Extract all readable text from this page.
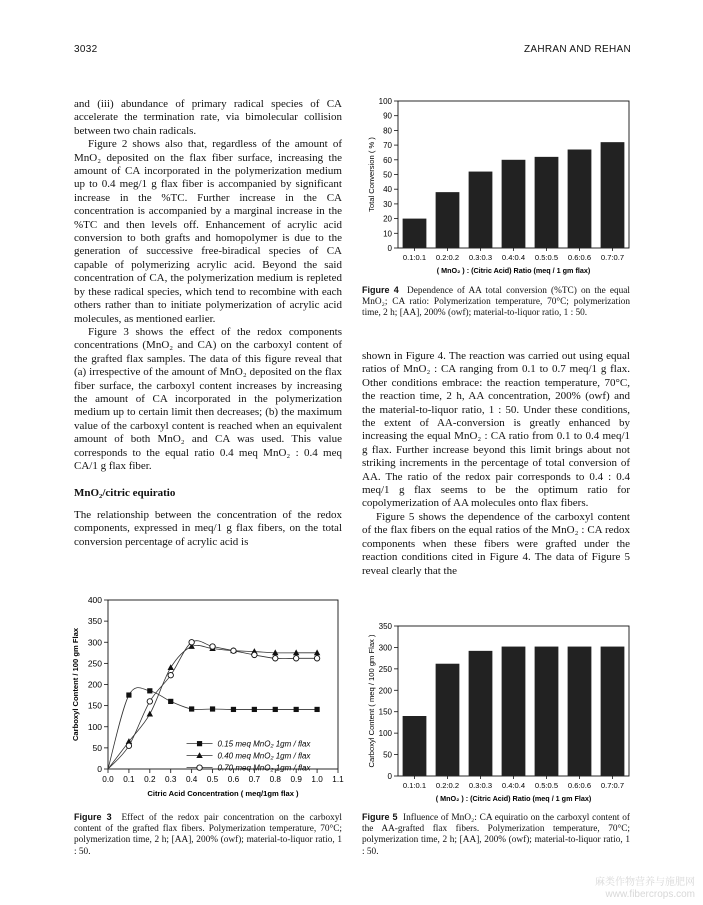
3032	ZAHRAN AND REHAN

and (iii) abundance of primary radical species of CA accelerate the termination rate, via bimolecular collision between two chain radicals.

Figure 2 shows also that, regardless of the amount of MnO₂ deposited on the flax fiber surface, increasing the amount of CA incorporated in the polymerization medium up to 0.4 meg/1 g flax fiber is accompanied by significant increase in the %TC. Further increase in the CA concentration is accompanied by a marginal increase in the %TC and then levels off. Enhancement of acrylic acid conversion to both grafts and homopolymer is due to the generation of successive free-biradical species of CA capable of polymerizing acrylic acid. Beyond the said concentration of CA, the polymerization medium is repleted by these radical species, which tend to recombine with each others rather than to initiate polymerization of acrylic acid molecules, as mentioned earlier.

Figure 3 shows the effect of the redox components concentrations (MnO₂ and CA) on the carboxyl content of the grafted flax samples. The data of this figure reveal that (a) irrespective of the amount of MnO₂ deposited on the flax fiber surface, the carboxyl content increases by increasing the amount of CA incorporated in the polymerization medium up to certain limit then decreases; (b) the maximum value of the carboxyl content is reached when an equivalent amount of both MnO₂ and CA was used. This value corresponds to the equal ratio 0.4 meq MnO₂ : 0.4 meq CA/1 g flax fiber.

MnO₂/citric equiratio

The relationship between the concentration of the redox components, expressed in meq/1 g flax fibers, on the total conversion percentage of acrylic acid is

shown in Figure 4. The reaction was carried out using equal ratios of MnO₂ : CA ranging from 0.1 to 0.7 meq/1 g flax. Other conditions embrace: the reaction temperature, 70°C, the reaction time, 2 h, AA concentration, 200% (owf) and the material-to-liquor ratio, 1 : 50. Under these conditions, the extent of AA-conversion is greatly enhanced by increasing the equal MnO₂ : CA ratio from 0.1 to 0.4 meq/1 g flax. Further increase beyond this limit brings about not striking increments in the percentage of total conversion of AA. The ratio of the redox pair corresponds to 0.4 : 0.4 meq/1 g flax seems to be the optimum ratio for copolymerization of AA molecules onto flax fibers.

Figure 5 shows the dependence of the carboxyl content of the flax fibers on the equal ratios of the MnO₂ : CA redox components when these fibers were grafted under the reaction conditions cited in Figure 4. The data of Figure 5 reveal clearly that the

0
10
20
30
40
50
60
70
80
90
100
0.1:0.1 0.2:0.2 0.3:0.3 0.4:0.4 0.5:0.5 0.6:0.6 0.7:0.7
( MnO₂ ) : (Citric Acid) Ratio (meq / 1 gm flax)
Total Conversion ( % )
0
50
100
150
200
250
300
350
400
0.0 0.1 0.2 0.3 0.4 0.5 0.6 0.7 0.8 0.9 1.0 1.1
0.15 meq MnO₂ 1gm / flax
0.40 meq MnO₂ 1gm / flax
0.70 meq MnO₂ 1gm / flax
Citric Acid Concentration ( meq/1gm flax )
Carboxyl Content / 100 gm Flax
0
50
100
150
200
250
300
350
0.1:0.1 0.2:0.2 0.3:0.3 0.4:0.4 0.5:0.5 0.6:0.6 0.7:0.7
( MnO₂ ) : (Citric Acid) Ratio (meq / 1 gm Flax)
Carboxyl Content ( meq / 100 gm Flax )
Figure 3 Effect of the redox pair concentration on the carboxyl content of the grafted flax fibers. Polymerization temperature, 70°C; polymerization time, 2 h; [AA], 200% (owf); material-to-liquor ratio, 1 : 50.
Figure 4 Dependence of AA total conversion (%TC) on the equal MnO₂; CA ratio: Polymerization temperature, 70°C; polymerization time, 2 h; [AA], 200% (owf); material-to-liquor ratio, 1 : 50.
Figure 5 Influence of MnO₂: CA equiratio on the carboxyl content of the AA-grafted flax fibers. Polymerization temperature, 70°C; polymerization time, 2 h; [AA], 200% (owf); material-to-liquor ratio, 1 : 50.
麻类作物营养与施肥网
www.fibercrops.com
